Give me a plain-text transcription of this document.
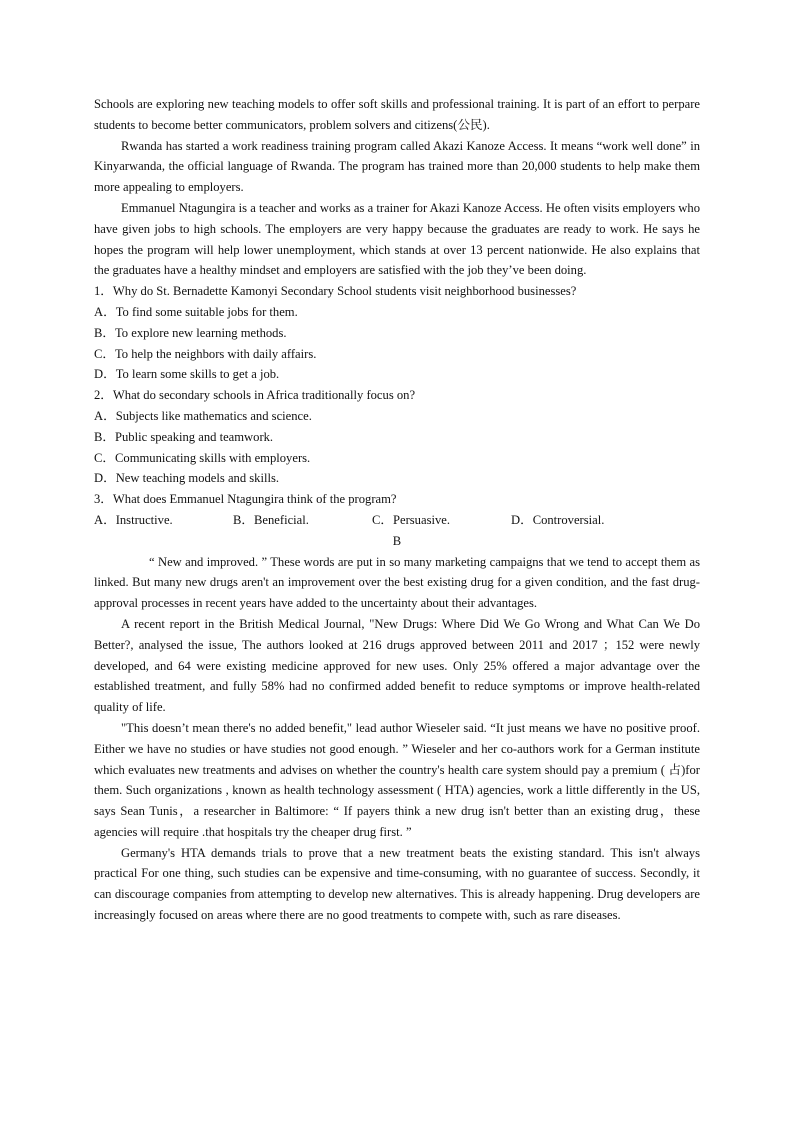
Schools are exploring new teaching models to offer soft skills and professional training. It is part of an effort to perpare students to become better communicators, problem solvers and citizens(公民).

Rwanda has started a work readiness training program called Akazi Kanoze Access. It means “work well done” in Kinyarwanda, the official language of Rwanda. The program has trained more than 20,000 students to help make them more appealing to employers.

Emmanuel Ntagungira is a teacher and works as a trainer for Akazi Kanoze Access. He often visits employers who have given jobs to high schools. The employers are very happy because the graduates are ready to work. He says he hopes the program will help lower unemployment, which stands at over 13 percent nationwide. He also explains that the graduates have a healthy mindset and employers are satisfied with the job they’ve been doing.

1．Why do St. Bernadette Kamonyi Secondary School students visit neighborhood businesses?

A．To find some suitable jobs for them.

B．To explore new learning methods.

C．To help the neighbors with daily affairs.

D．To learn some skills to get a job.

2．What do secondary schools in Africa traditionally focus on?

A．Subjects like mathematics and science.

B．Public speaking and teamwork.

C．Communicating skills with employers.

D．New teaching models and skills.

3．What does Emmanuel Ntagungira think of the program?

A．Instructive.	B．Beneficial.	C．Persuasive.	D．Controversial.

B

“ New and improved. ” These words are put in so many marketing campaigns that we tend to accept them as linked. But many new drugs aren't an improvement over the best existing drug for a given condition, and the fast drug-approval processes in recent years have added to the uncertainty about their advantages.

A recent report in the British Medical Journal, "New Drugs: Where Did We Go Wrong and What Can We Do Better?, analysed the issue, The authors looked at 216 drugs approved between 2011 and 2017 ；152 were newly developed, and 64 were existing medicine approved for new uses. Only 25% offered a major advantage over the established treatment, and fully 58% had no confirmed added benefit to reduce symptoms or improve health-related quality of life.

"This doesn’t mean there's no added benefit," lead author Wieseler said. “It just means we have no positive proof. Either we have no studies or have studies not good enough. ” Wieseler and her co-authors work for a German institute which evaluates new treatments and advises on whether the country's health care system should pay a premium ( 占)for them. Such organizations , known as health technology assessment ( HTA) agencies, work a little differently in the US, says Sean Tunis，a researcher in Baltimore: “ If payers think a new drug isn't better than an existing drug，these agencies will require .that hospitals try the cheaper drug first. ”

Germany's HTA demands trials to prove that a new treatment beats the existing standard. This isn't always practical For one thing, such studies can be expensive and time-consuming, with no guarantee of success. Secondly, it can discourage companies from attempting to develop new alternatives. This is already happening. Drug developers are increasingly focused on areas where there are no good treatments to compete with, such as rare diseases.
